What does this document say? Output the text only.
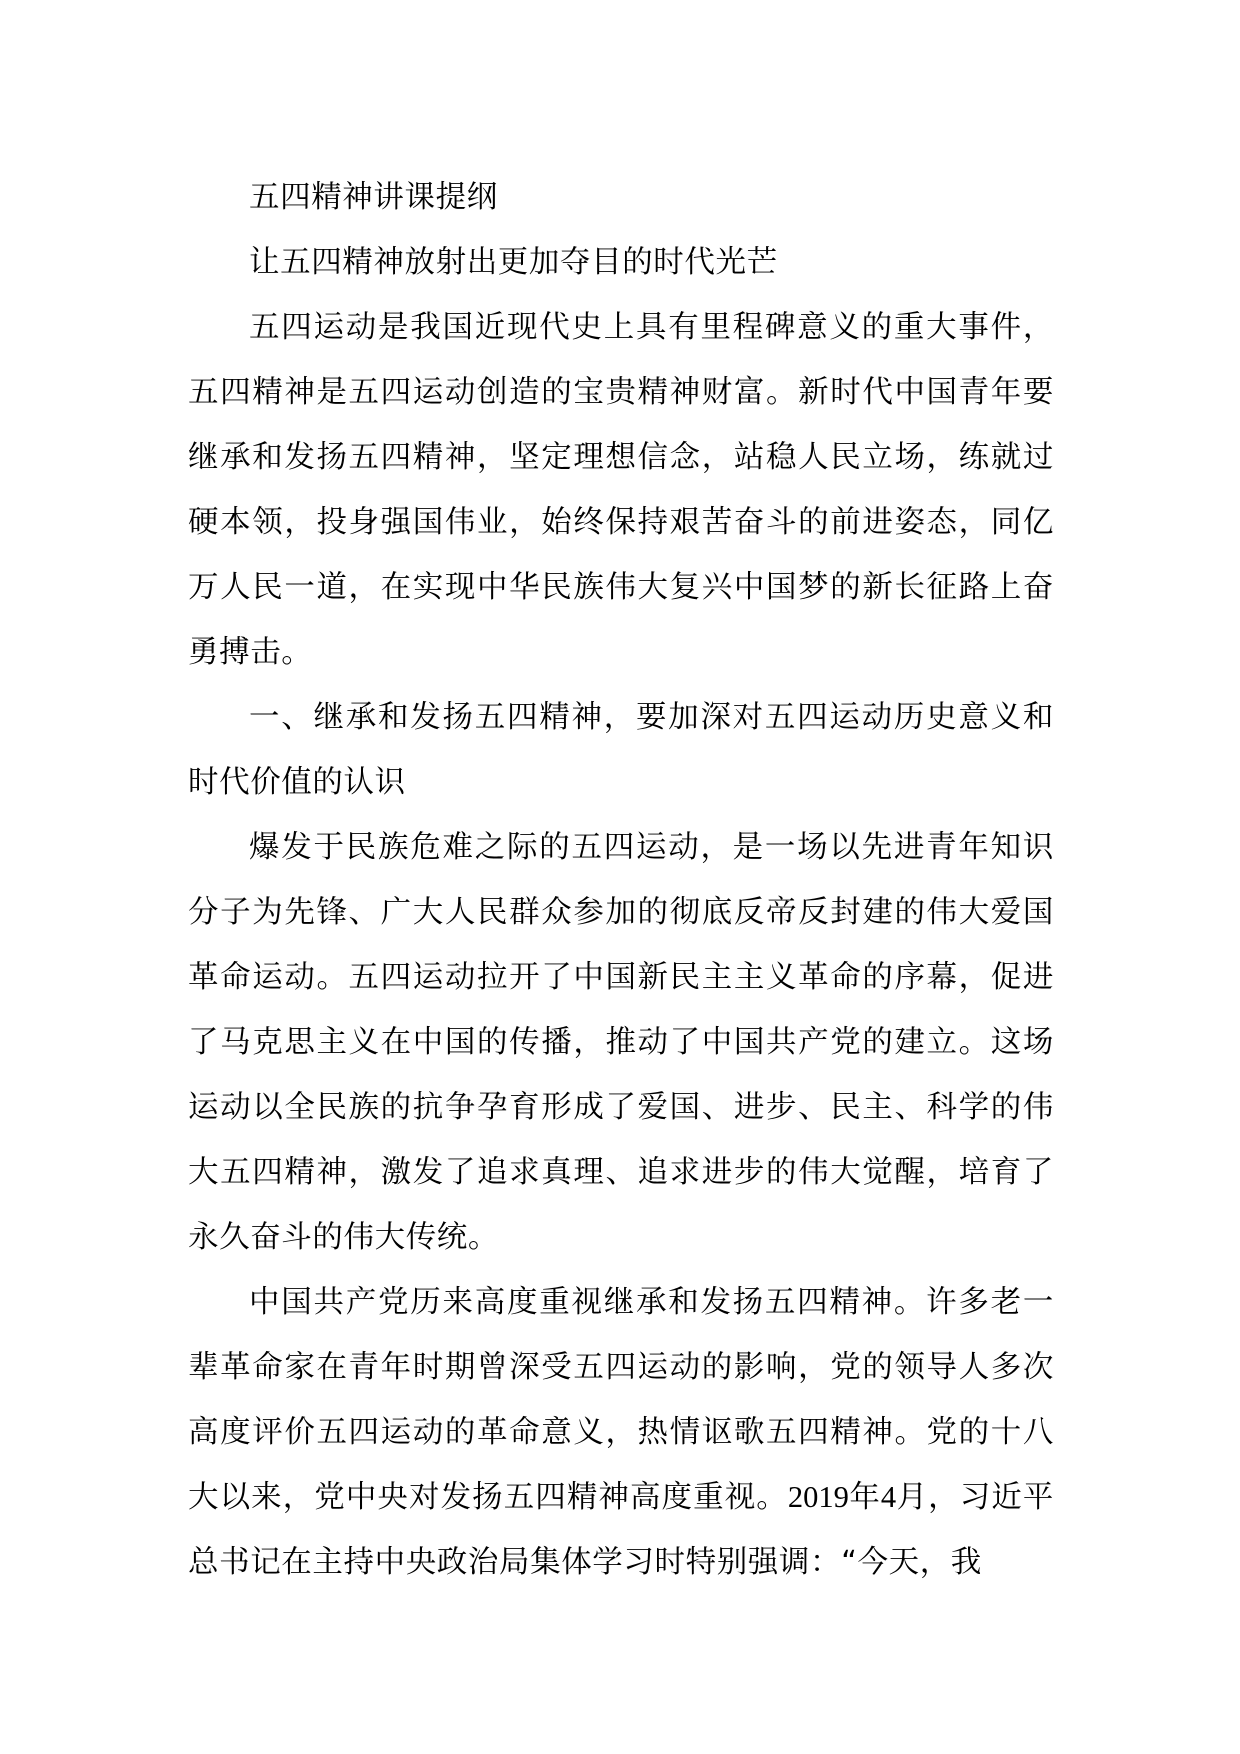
五四精神讲课提纲

让五四精神放射出更加夺目的时代光芒

五四运动是我国近现代史上具有里程碑意义的重大事件，五四精神是五四运动创造的宝贵精神财富。新时代中国青年要继承和发扬五四精神，坚定理想信念，站稳人民立场，练就过硬本领，投身强国伟业，始终保持艰苦奋斗的前进姿态，同亿万人民一道，在实现中华民族伟大复兴中国梦的新长征路上奋勇搏击。

一、继承和发扬五四精神，要加深对五四运动历史意义和时代价值的认识

爆发于民族危难之际的五四运动，是一场以先进青年知识分子为先锋、广大人民群众参加的彻底反帝反封建的伟大爱国革命运动。五四运动拉开了中国新民主主义革命的序幕，促进了马克思主义在中国的传播，推动了中国共产党的建立。这场运动以全民族的抗争孕育形成了爱国、进步、民主、科学的伟大五四精神，激发了追求真理、追求进步的伟大觉醒，培育了永久奋斗的伟大传统。

中国共产党历来高度重视继承和发扬五四精神。许多老一辈革命家在青年时期曾深受五四运动的影响，党的领导人多次高度评价五四运动的革命意义，热情讴歌五四精神。党的十八大以来，党中央对发扬五四精神高度重视。2019年4月，习近平总书记在主持中央政治局集体学习时特别强调：“今天，我
